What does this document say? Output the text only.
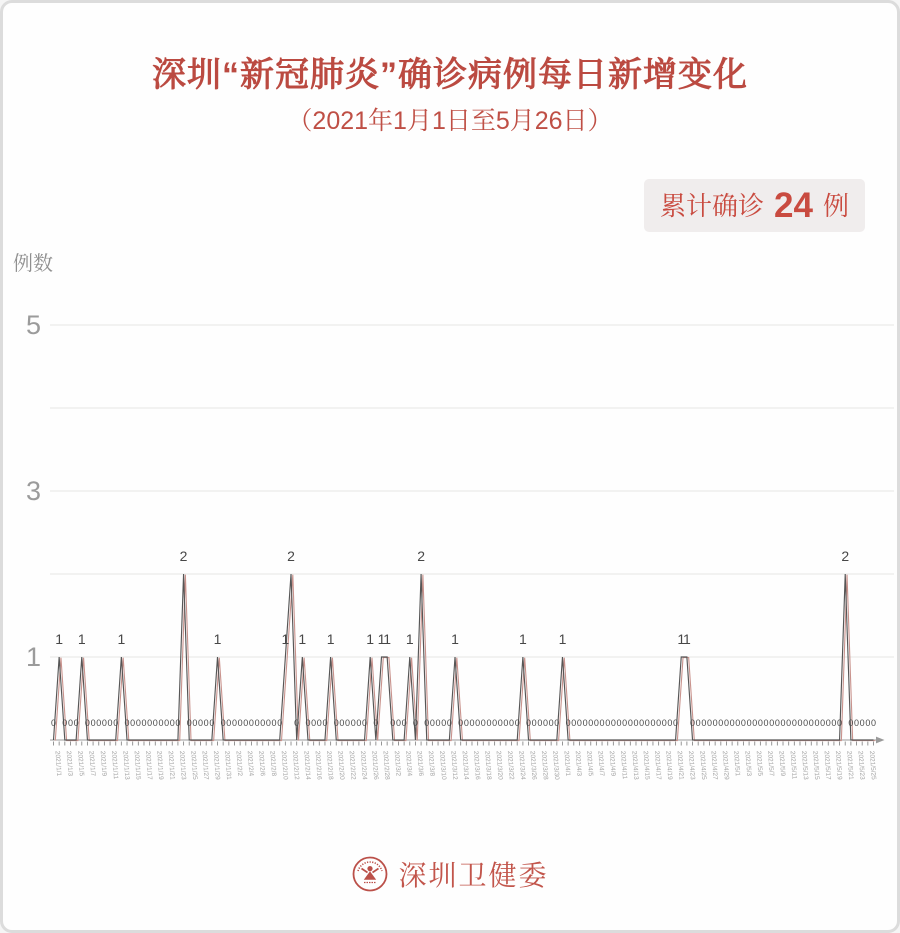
深圳“新冠肺炎”确诊病例每日新增变化
（2021年1月1日至5月26日）
累计确诊 24 例
例数
5
3
1
2021/1/1 2021/1/3 2021/1/5 2021/1/7 2021/1/9 2021/1/11 2021/1/13 2021/1/15 2021/1/17 2021/1/19 2021/1/21 2021/1/23 2021/1/25 2021/1/27 2021/1/29 2021/1/31 2021/2/2 2021/2/4 2021/2/6 2021/2/8 2021/2/10 2021/2/12 2021/2/14 2021/2/16 2021/2/18 2021/2/20 2021/2/22 2021/2/24 2021/2/26 2021/2/28 2021/3/2 2021/3/4 2021/3/6 2021/3/8 2021/3/10 2021/3/12 2021/3/14 2021/3/16 2021/3/18 2021/3/20 2021/3/22 2021/3/24 2021/3/26 2021/3/28 2021/3/30 2021/4/1 2021/4/3 2021/4/5 2021/4/7 2021/4/9 2021/4/11 2021/4/13 2021/4/15 2021/4/17 2021/4/19 2021/4/21 2021/4/23 2021/4/25 2021/4/27 2021/4/29 2021/5/1 2021/5/3 2021/5/5 2021/5/7 2021/5/9 2021/5/11 2021/5/13 2021/5/15 2021/5/17 2021/5/19 2021/5/21 2021/5/23 2021/5/25
0
1
0 0 0
1
0 0 0 0 0 0
1
0 0 0 0 0 0 0 0 0 0
2
0 0 0 0 0
1
0 0 0 0 0 0 0 0 0 0 0
1
2
0
1
0 0 0 0
1
0 0 0 0 0 0
1
0
1
1
0 0 0
1
0
2
0 0 0 0 0
1
0 0 0 0 0 0 0 0 0 0 0
1
0 0 0 0 0 0
1
0 0 0 0 0 0 0 0 0 0 0 0 0 0 0 0 0 0 0 0
1
1
0 0 0 0 0 0 0 0 0 0 0 0 0 0 0 0 0 0 0 0 0 0 0 0 0 0 0
2
0 0 0 0 0
深圳卫健委
